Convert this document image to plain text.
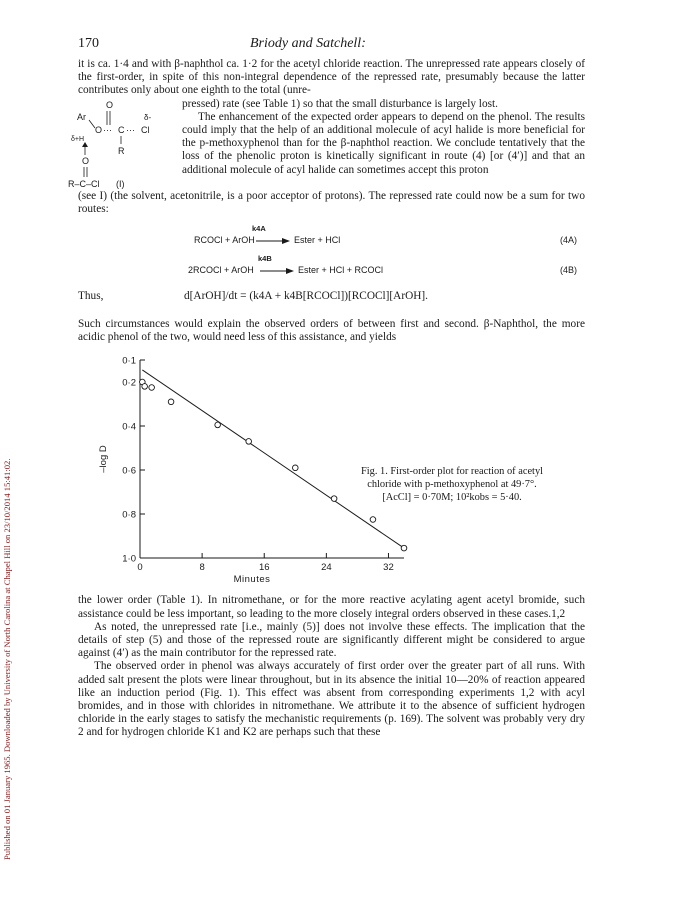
Published on 01 January 1965. Downloaded by University of North Carolina at Chapel Hill on 23/10/2014 15:41:02.
170	Briody and Satchell:

it is ca. 1·4 and with β-naphthol ca. 1·2 for the acetyl chloride reaction. The unrepressed rate appears closely of the first-order, in spite of this non-integral dependence of the repressed rate, presumably because the latter contributes only about one eighth to the total (unre-

O
δ-
Ar
O ··· C ··· Cl
δ+H
R
O
R–C–Cl (I)
pressed) rate (see Table 1) so that the small disturbance is largely lost.
The enhancement of the expected order appears to depend on the phenol. The results could imply that the help of an additional molecule of acyl halide is more beneficial for the p-methoxyphenol than for the β-naphthol reaction. We conclude tentatively that the loss of the phenolic proton is kinetically significant in route (4) [or (4′)] and that an additional molecule of acyl halide can sometimes accept this proton

(see I) (the solvent, acetonitrile, is a poor acceptor of protons). The repressed rate could now be a sum for two routes:

k4A
RCOCl + ArOH	Ester + HCl	(4A)
k4B
2RCOCl + ArOH	Ester + HCl + RCOCl	(4B)
Thus,	d[ArOH]/dt = (k4A + k4B[RCOCl])[RCOCl][ArOH].

Such circumstances would explain the observed orders of between first and second. β-Naphthol, the more acidic phenol of the two, would need less of this assistance, and yields

0·1
0·2
0·4
0·6
0·8
1·0
0	8	16	24	32
Minutes
–log D	Fig. 1. First-order plot for reaction of acetyl chloride with p-methoxyphenol at 49·7°.
[AcCl] = 0·70M; 10²kobs = 5·40.

the lower order (Table 1). In nitromethane, or for the more reactive acylating agent acetyl bromide, such assistance could be less important, so leading to the more closely integral orders observed in these cases.1,2

As noted, the unrepressed rate [i.e., mainly (5)] does not involve these effects. The implication that the details of step (5) and those of the repressed route are significantly different might be considered to argue against (4′) as the main contributor for the repressed rate.

The observed order in phenol was always accurately of first order over the greater part of all runs. With added salt present the plots were linear throughout, but in its absence the initial 10—20% of reaction appeared like an induction period (Fig. 1). This effect was absent from corresponding experiments 1,2 with acyl bromides, and in those with chlorides in nitromethane. We attribute it to the absence of sufficient hydrogen chloride in the early stages to satisfy the mechanistic requirements (p. 169). The solvent was probably very dry 2 and for hydrogen chloride K1 and K2 are perhaps such that these
